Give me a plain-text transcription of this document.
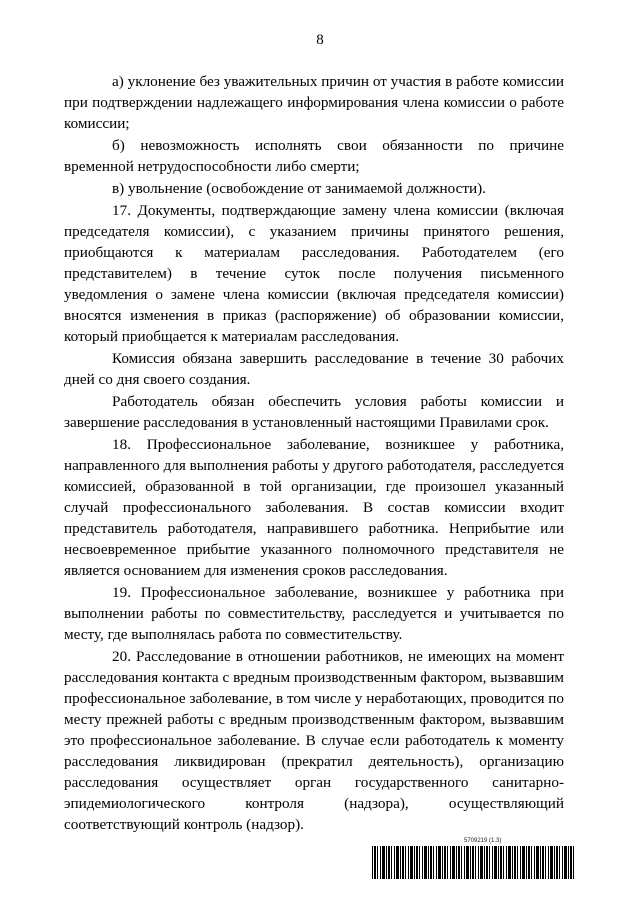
8

а) уклонение без уважительных причин от участия в работе комиссии при подтверждении надлежащего информирования члена комиссии о работе комиссии;

б) невозможность исполнять свои обязанности по причине временной нетрудоспособности либо смерти;

в) увольнение (освобождение от занимаемой должности).

17. Документы, подтверждающие замену члена комиссии (включая председателя комиссии), с указанием причины принятого решения, приобщаются к материалам расследования. Работодателем (его представителем) в течение суток после получения письменного уведомления о замене члена комиссии (включая председателя комиссии) вносятся изменения в приказ (распоряжение) об образовании комиссии, который приобщается к материалам расследования.

Комиссия обязана завершить расследование в течение 30 рабочих дней со дня своего создания.

Работодатель обязан обеспечить условия работы комиссии и завершение расследования в установленный настоящими Правилами срок.

18. Профессиональное заболевание, возникшее у работника, направленного для выполнения работы у другого работодателя, расследуется комиссией, образованной в той организации, где произошел указанный случай профессионального заболевания. В состав комиссии входит представитель работодателя, направившего работника. Неприбытие или несвоевременное прибытие указанного полномочного представителя не является основанием для изменения сроков расследования.

19. Профессиональное заболевание, возникшее у работника при выполнении работы по совместительству, расследуется и учитывается по месту, где выполнялась работа по совместительству.

20. Расследование в отношении работников, не имеющих на момент расследования контакта с вредным производственным фактором, вызвавшим профессиональное заболевание, в том числе у неработающих, проводится по месту прежней работы с вредным производственным фактором, вызвавшим это профессиональное заболевание. В случае если работодатель к моменту расследования ликвидирован (прекратил деятельность), организацию расследования осуществляет орган государственного санитарно-эпидемиологического контроля (надзора), осуществляющий соответствующий контроль (надзор).

5709219 (1.3)
